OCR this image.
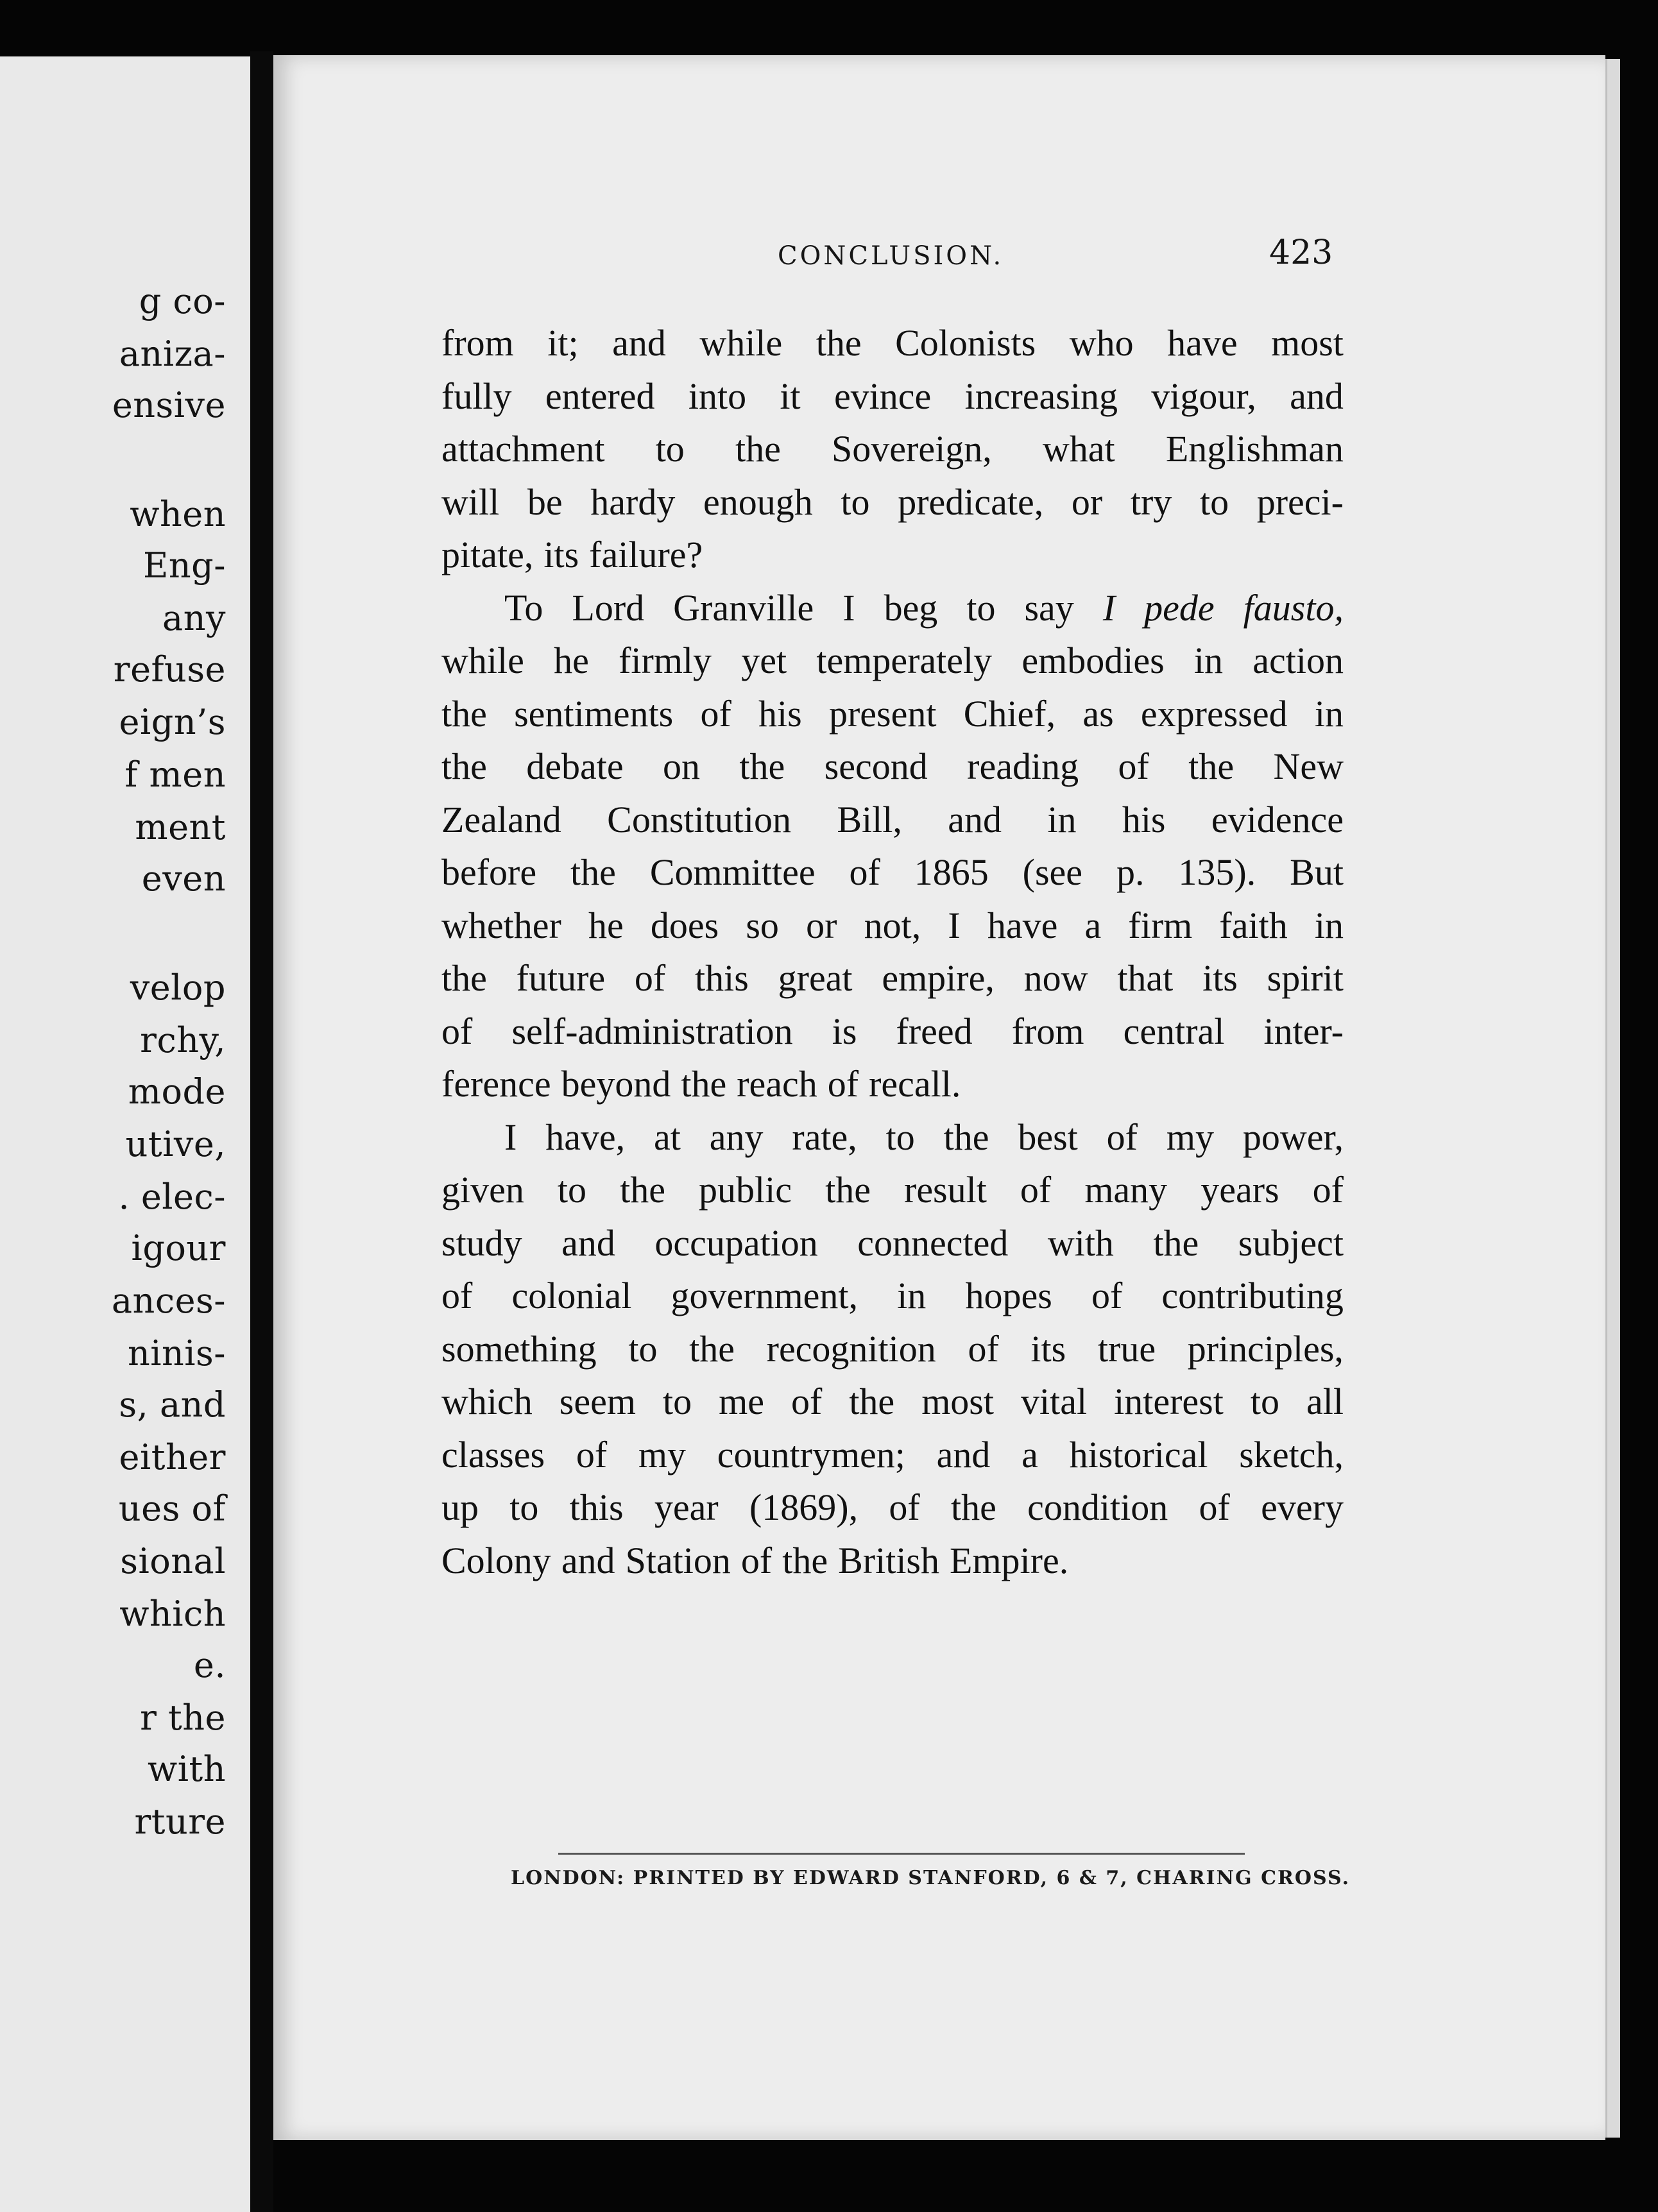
g co-
aniza-
ensive
when
Eng-
any
refuse
eign’s
f men
ment
even
velop
rchy,
mode
utive,
. elec-
igour
ances-
ninis-
s, and
either
ues of
sional
which
e.
r the
with
rture
CONCLUSION.	423
from it; and while the Colonists who have most
fully entered into it evince increasing vigour, and
attachment to the Sovereign, what Englishman
will be hardy enough to predicate, or try to preci-
pitate, its failure?
To Lord Granville I beg to say I pede fausto,
while he firmly yet temperately embodies in action
the sentiments of his present Chief, as expressed in
the debate on the second reading of the New
Zealand Constitution Bill, and in his evidence
before the Committee of 1865 (see p. 135). But
whether he does so or not, I have a firm faith in
the future of this great empire, now that its spirit
of self-administration is freed from central inter-
ference beyond the reach of recall.
I have, at any rate, to the best of my power,
given to the public the result of many years of
study and occupation connected with the subject
of colonial government, in hopes of contributing
something to the recognition of its true principles,
which seem to me of the most vital interest to all
classes of my countrymen; and a historical sketch,
up to this year (1869), of the condition of every
Colony and Station of the British Empire.
LONDON: PRINTED BY EDWARD STANFORD, 6 & 7, CHARING CROSS.
